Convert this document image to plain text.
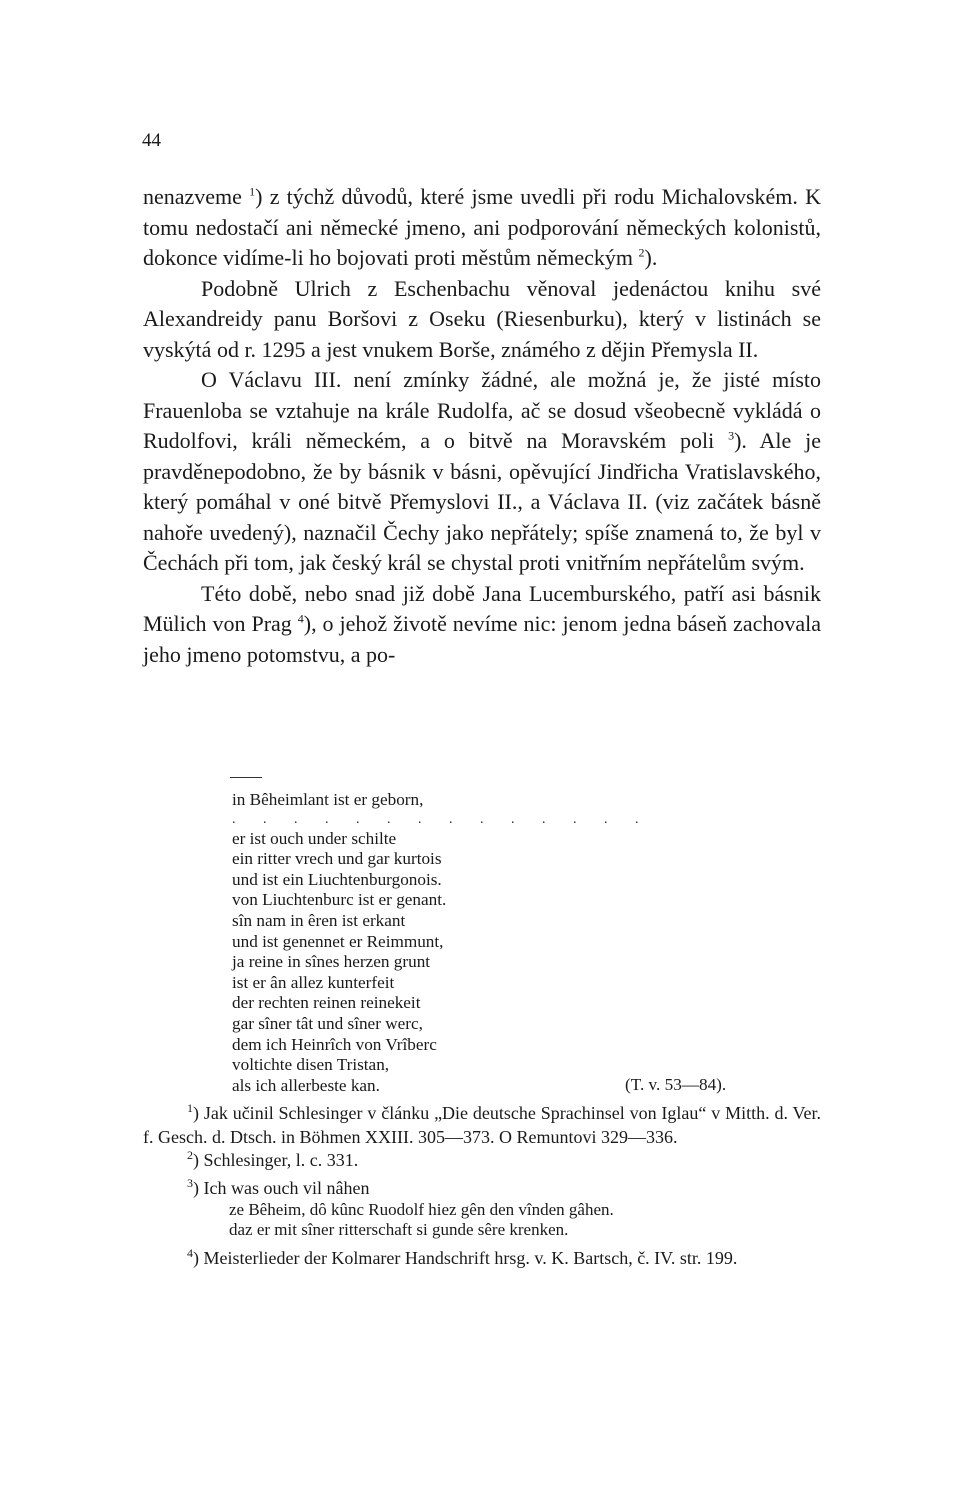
44

nenazveme $^1$) z týchž důvodů, které jsme uvedli při rodu Michalovském. K tomu nedostačí ani německé jmeno, ani podporování německých kolonistů, dokonce vidíme-li ho bojovati proti městům německým $^2$).

Podobně Ulrich z Eschenbachu věnoval jedenáctou knihu své Alexandreidy panu Boršovi z Oseku (Riesenburku), který v listinách se vyskýtá od r. 1295 a jest vnukem Borše, známého z dějin Přemysla II.

O Václavu III. není zmínky žádné, ale možná je, že jisté místo Frauenloba se vztahuje na krále Rudolfa, ač se dosud všeobecně vykládá o Rudolfovi, králi německém, a o bitvě na Moravském poli $^3$). Ale je pravděnepodobno, že by básnik v básni, opěvující Jindřicha Vratislavského, který pomáhal v oné bitvě Přemyslovi II., a Václava II. (viz začátek básně nahoře uvedený), naznačil Čechy jako nepřátely; spíše znamená to, že byl v Čechách při tom, jak český král se chystal proti vnitřním nepřátelům svým.

Této době, nebo snad již době Jana Lucemburského, patří asi básnik Mülich von Prag $^4$), o jehož životě nevíme nic: jenom jedna báseň zachovala jeho jmeno potomstvu, a po-

in Bêheimlant ist er geborn,
. . . . . . . . . . . . . .
er ist ouch under schilte
ein ritter vrech und gar kurtois
und ist ein Liuchtenburgonois.
von Liuchtenburc ist er genant.
sîn nam in êren ist erkant
und ist genennet er Reimmunt,
ja reine in sînes herzen grunt
ist er ân allez kunterfeit
der rechten reinen reinekeit
gar sîner tât und sîner werc,
dem ich Heinrîch von Vrîberc
voltichte disen Tristan,
als ich allerbeste kan.	(T. v. 53—84).

$^1$) Jak učinil Schlesinger v článku „Die deutsche Sprachinsel von Iglau“ v Mitth. d. Ver. f. Gesch. d. Dtsch. in Böhmen XXIII. 305—373. O Remuntovi 329—336.

$^2$) Schlesinger, l. c. 331.

$^3$) Ich was ouch vil nâhen

ze Bêheim, dô kûnc Ruodolf hiez gên den vînden gâhen.

daz er mit sîner ritterschaft si gunde sêre krenken.

$^4$) Meisterlieder der Kolmarer Handschrift hrsg. v. K. Bartsch, č. IV. str. 199.
